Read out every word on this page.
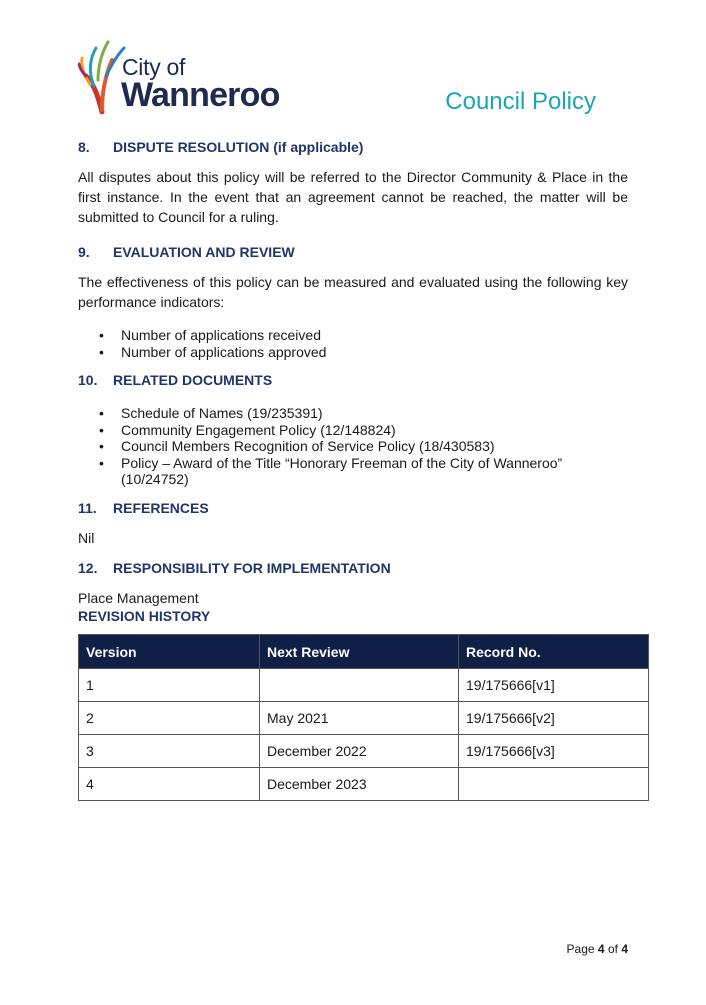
City of
Wanneroo	Council Policy
8. DISPUTE RESOLUTION (if applicable)

All disputes about this policy will be referred to the Director Community & Place in the first instance. In the event that an agreement cannot be reached, the matter will be submitted to Council for a ruling.

9. EVALUATION AND REVIEW

The effectiveness of this policy can be measured and evaluated using the following key performance indicators:

• Number of applications received
• Number of applications approved
10. RELATED DOCUMENTS
• Schedule of Names (19/235391)
• Community Engagement Policy (12/148824)
• Council Members Recognition of Service Policy (18/430583)
• Policy – Award of the Title “Honorary Freeman of the City of Wanneroo” (10/24752)
11. REFERENCES

Nil

12. RESPONSIBILITY FOR IMPLEMENTATION

Place Management

REVISION HISTORY
Version	Next Review	Record No.
1		19/175666[v1]
2	May 2021	19/175666[v2]
3	December 2022	19/175666[v3]
4	December 2023	
Page 4 of 4
